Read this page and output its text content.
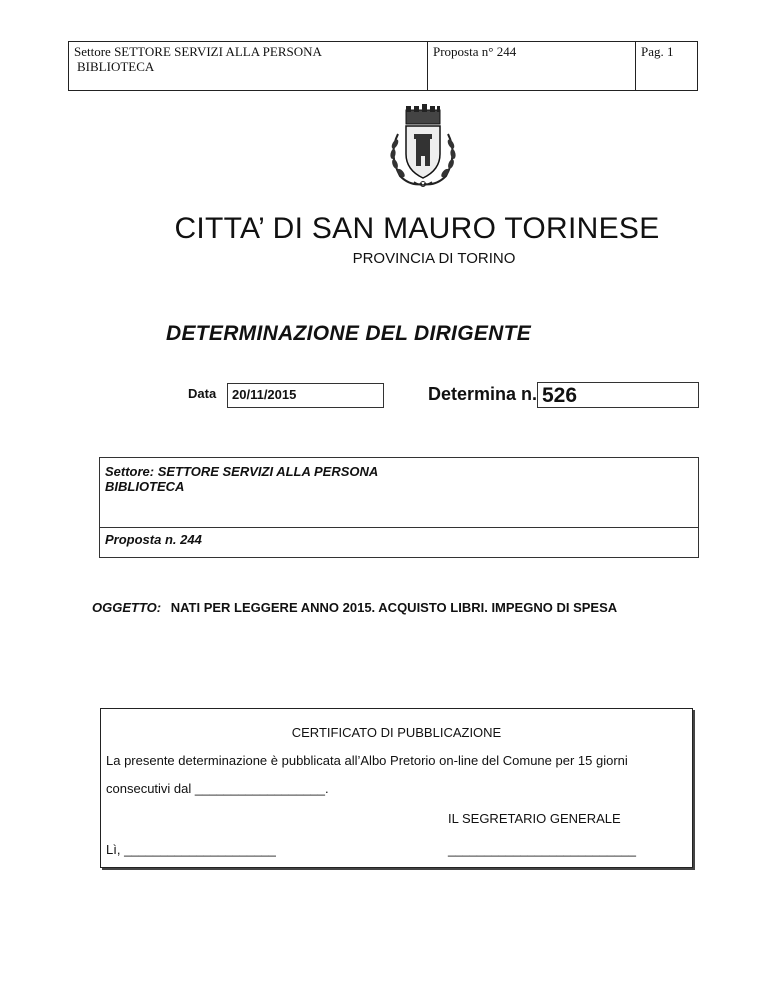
Settore SETTORE SERVIZI ALLA PERSONA
BIBLIOTECA
Proposta n° 244	Pag. 1
CITTA’ DI SAN MAURO TORINESE
PROVINCIA DI TORINO
DETERMINAZIONE DEL DIRIGENTE
Data	20/11/2015	Determina n. 526
Settore: SETTORE SERVIZI ALLA PERSONA
BIBLIOTECA
Proposta n. 244
OGGETTO: NATI PER LEGGERE ANNO 2015. ACQUISTO LIBRI. IMPEGNO DI SPESA
CERTIFICATO DI PUBBLICAZIONE
La presente determinazione è pubblicata all’Albo Pretorio on-line del Comune per 15 giorni
consecutivi dal __________________.
IL SEGRETARIO GENERALE
Lì, _____________________	__________________________
